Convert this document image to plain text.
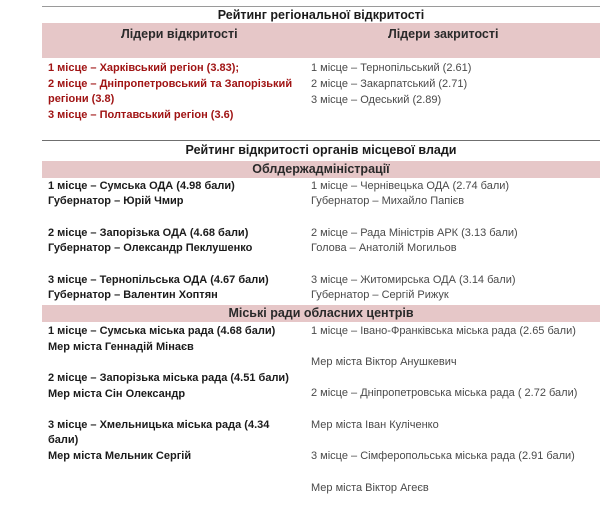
Рейтинг регіональної відкритості
Лідери відкритості	Лідери закритості
1 місце – Харківський регіон (3.83);
2 місце – Дніпропетровський та Запорізький регіони (3.8)
3 місце – Полтавський регіон (3.6)
1 місце – Тернопільський (2.61)
2 місце – Закарпатський (2.71)
3 місце – Одеський (2.89)
Рейтинг відкритості органів місцевої влади
Облдержадміністрації
1 місце – Сумська ОДА (4.98 бали)
Губернатор – Юрій Чмир
2 місце – Запорізька ОДА (4.68 бали)
Губернатор – Олександр Пеклушенко
3 місце – Тернопільська ОДА (4.67 бали)
Губернатор – Валентин Хоптян
1 місце – Чернівецька ОДА (2.74 бали)
Губернатор – Михайло Папієв
2 місце – Рада Міністрів АРК (3.13 бали)
Голова – Анатолій Могильов
3 місце – Житомирська ОДА (3.14 бали)
Губернатор – Сергій Рижук
Міські ради обласних центрів
1 місце – Сумська міська рада (4.68 бали)
Мер міста Геннадій Мінаєв
2 місце – Запорізька міська рада (4.51 бали)
Мер міста Сін Олександр
3 місце – Хмельницька міська рада (4.34 бали)
Мер міста Мельник Сергій
1 місце – Івано-Франківська міська рада (2.65 бали)
Мер міста Віктор Анушкевич
2 місце – Дніпропетровська міська рада ( 2.72 бали)
Мер міста Іван Куліченко
3 місце – Сімферопольська міська рада (2.91 бали)
Мер міста Віктор Агеєв
